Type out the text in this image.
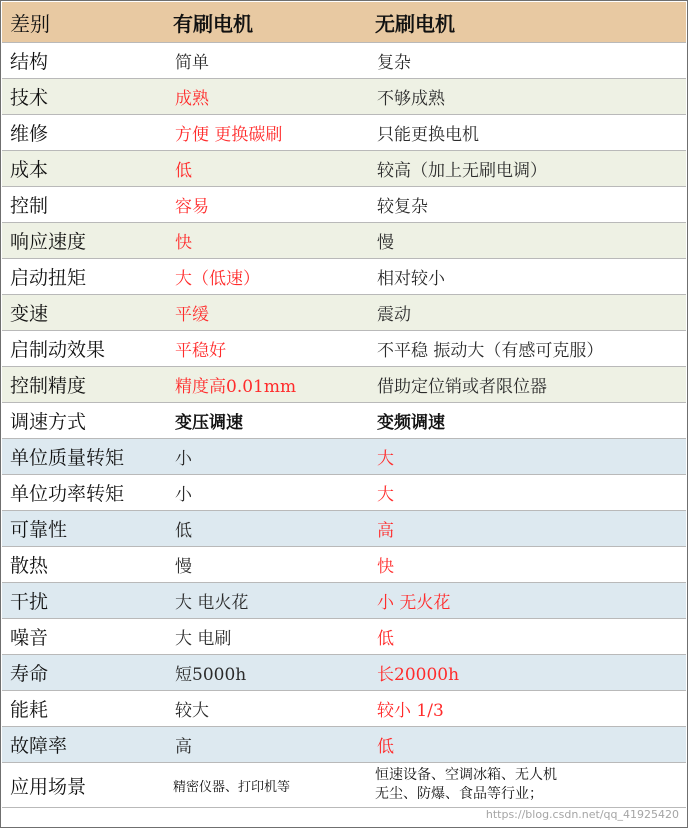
差别	有刷电机	无刷电机
结构	简单	复杂
技术	成熟	不够成熟
维修	方便 更换碳刷	只能更换电机
成本	低	较高（加上无刷电调）
控制	容易	较复杂
响应速度	快	慢
启动扭矩	大（低速）	相对较小
变速	平缓	震动
启制动效果	平稳好	不平稳 振动大（有感可克服）
控制精度	精度高0.01mm	借助定位销或者限位器
调速方式	变压调速	变频调速
单位质量转矩	小	大
单位功率转矩	小	大
可靠性	低	高
散热	慢	快
干扰	大 电火花	小 无火花
噪音	大 电刷	低
寿命	短5000h	长20000h
能耗	较大	较小 1/3
故障率	高	低
应用场景	精密仪器、打印机等	恒速设备、空调冰箱、无人机
无尘、防爆、食品等行业；
https://blog.csdn.net/qq_41925420
